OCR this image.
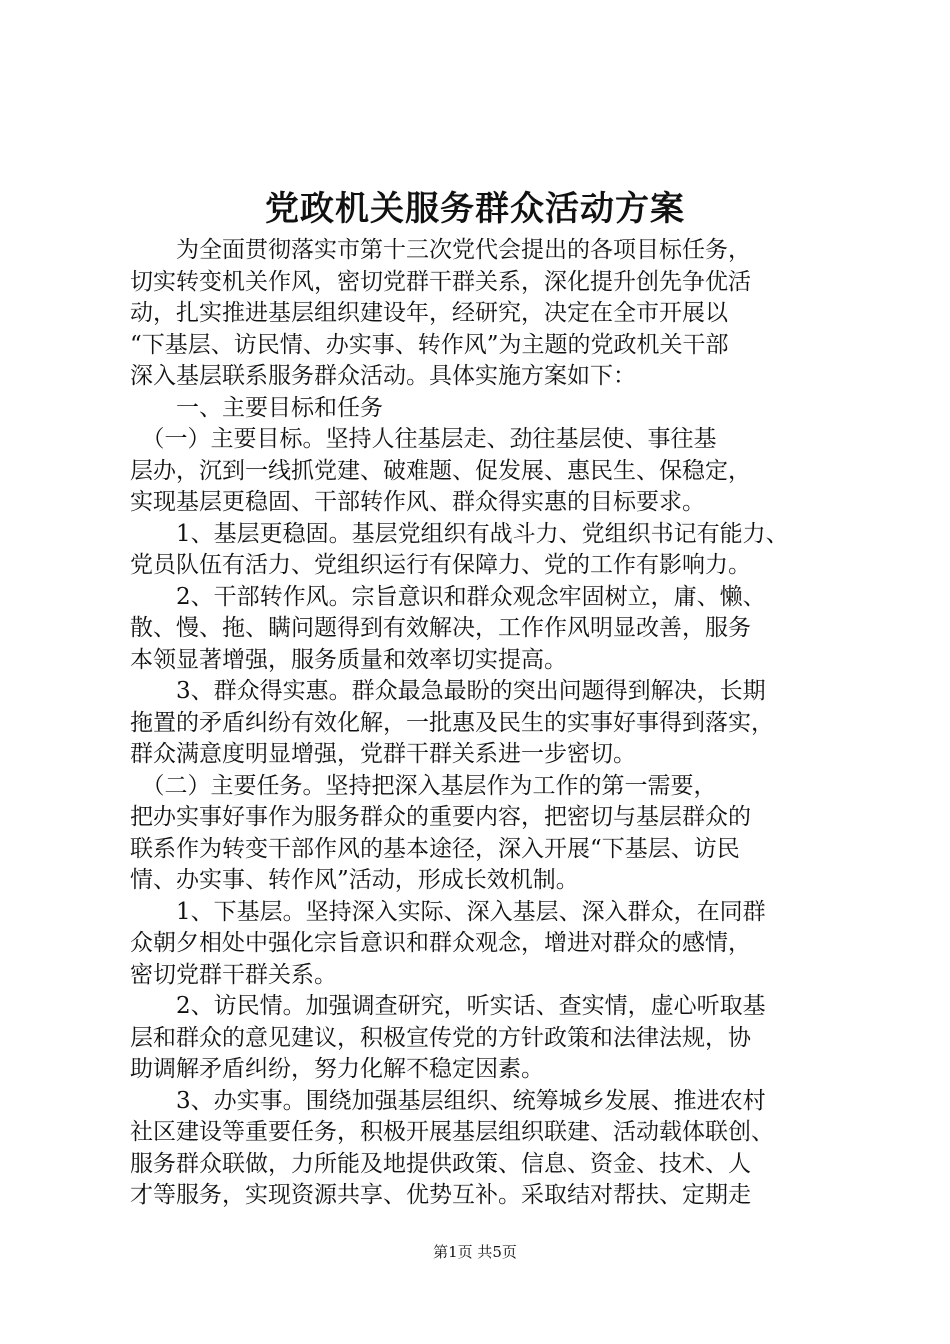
党政机关服务群众活动方案
　　为全面贯彻落实市第十三次党代会提出的各项目标任务，
切实转变机关作风，密切党群干群关系，深化提升创先争优活
动，扎实推进基层组织建设年，经研究，决定在全市开展以
“下基层、访民情、办实事、转作风”为主题的党政机关干部
深入基层联系服务群众活动。具体实施方案如下：
　　一、主要目标和任务
　（一）主要目标。坚持人往基层走、劲往基层使、事往基
层办，沉到一线抓党建、破难题、促发展、惠民生、保稳定，
实现基层更稳固、干部转作风、群众得实惠的目标要求。
　　1、基层更稳固。基层党组织有战斗力、党组织书记有能力、
党员队伍有活力、党组织运行有保障力、党的工作有影响力。
　　2、干部转作风。宗旨意识和群众观念牢固树立，庸、懒、
散、慢、拖、瞒问题得到有效解决，工作作风明显改善，服务
本领显著增强，服务质量和效率切实提高。
　　3、群众得实惠。群众最急最盼的突出问题得到解决，长期
拖置的矛盾纠纷有效化解，一批惠及民生的实事好事得到落实，
群众满意度明显增强，党群干群关系进一步密切。
　（二）主要任务。坚持把深入基层作为工作的第一需要，
把办实事好事作为服务群众的重要内容，把密切与基层群众的
联系作为转变干部作风的基本途径，深入开展“下基层、访民
情、办实事、转作风”活动，形成长效机制。
　　1、下基层。坚持深入实际、深入基层、深入群众，在同群
众朝夕相处中强化宗旨意识和群众观念，增进对群众的感情，
密切党群干群关系。
　　2、访民情。加强调查研究，听实话、查实情，虚心听取基
层和群众的意见建议，积极宣传党的方针政策和法律法规，协
助调解矛盾纠纷，努力化解不稳定因素。
　　3、办实事。围绕加强基层组织、统筹城乡发展、推进农村
社区建设等重要任务，积极开展基层组织联建、活动载体联创、
服务群众联做，力所能及地提供政策、信息、资金、技术、人
才等服务，实现资源共享、优势互补。采取结对帮扶、定期走
第1页 共5页
